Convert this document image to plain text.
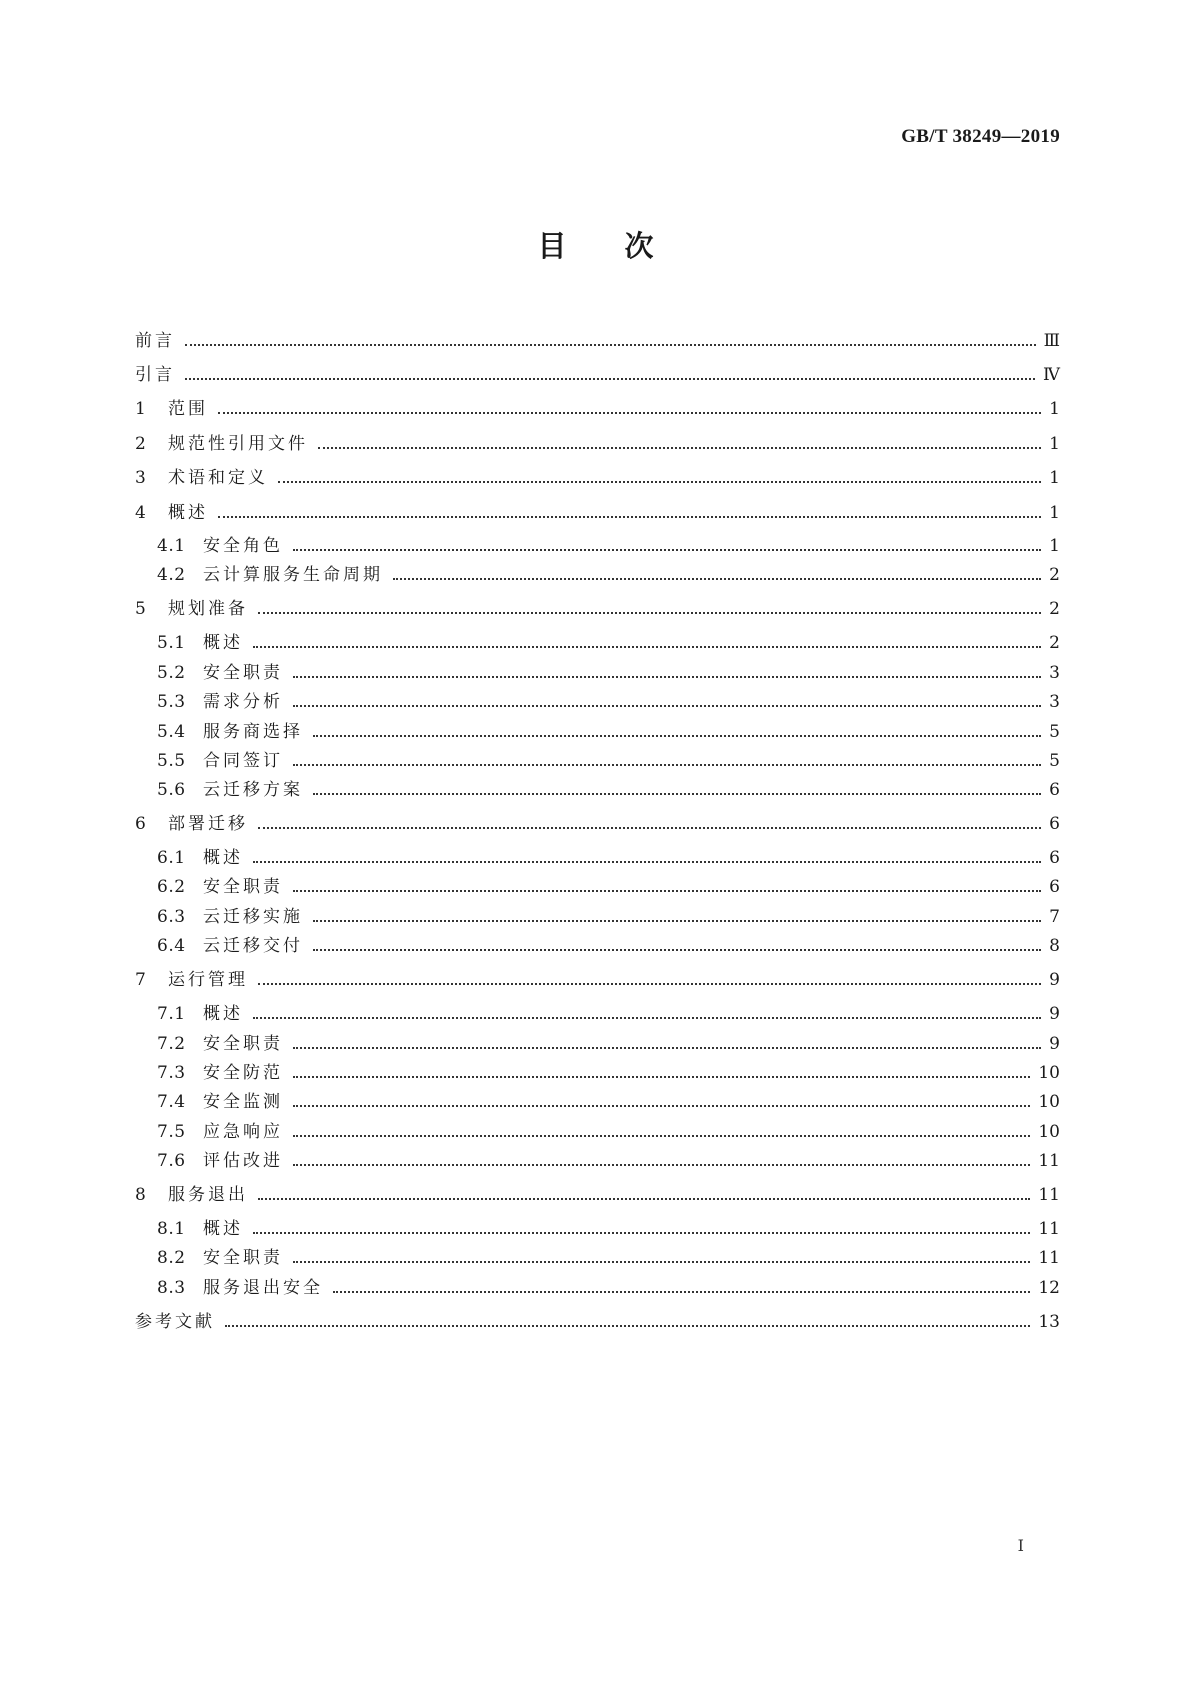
GB/T 38249—2019
目次
前言	Ⅲ
引言	Ⅳ
1	范围	1
2	规范性引用文件	1
3	术语和定义	1
4	概述	1
4.1	安全角色	1
4.2	云计算服务生命周期	2
5	规划准备	2
5.1	概述	2
5.2	安全职责	3
5.3	需求分析	3
5.4	服务商选择	5
5.5	合同签订	5
5.6	云迁移方案	6
6	部署迁移	6
6.1	概述	6
6.2	安全职责	6
6.3	云迁移实施	7
6.4	云迁移交付	8
7	运行管理	9
7.1	概述	9
7.2	安全职责	9
7.3	安全防范	10
7.4	安全监测	10
7.5	应急响应	10
7.6	评估改进	11
8	服务退出	11
8.1	概述	11
8.2	安全职责	11
8.3	服务退出安全	12
参考文献	13
I
